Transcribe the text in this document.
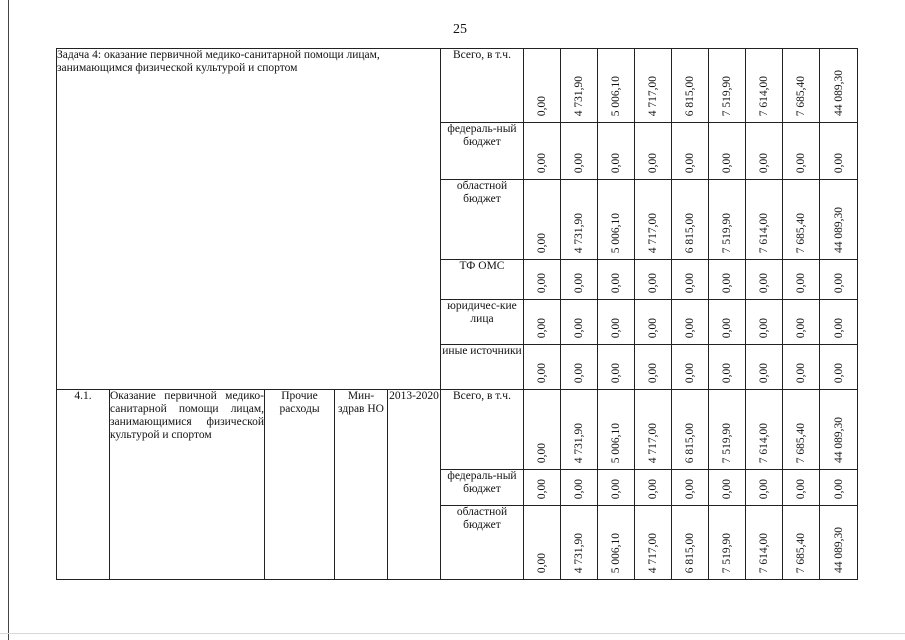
25
Задача 4: оказание первичной медико-санитарной помощи лицам, занимающимся физической культурой и спортом					Всего, в т.ч.	0,00	4 731,90	5 006,10	4 717,00	6 815,00	7 519,90	7 614,00	7 685,40	44 089,30

					федераль-ный бюджет	0,00	0,00	0,00	0,00	0,00	0,00	0,00	0,00	0,00

					областной бюджет	0,00	4 731,90	5 006,10	4 717,00	6 815,00	7 519,90	7 614,00	7 685,40	44 089,30

					ТФ ОМС	0,00	0,00	0,00	0,00	0,00	0,00	0,00	0,00	0,00

					юридичес-кие лица	0,00	0,00	0,00	0,00	0,00	0,00	0,00	0,00	0,00

					иные источники	0,00	0,00	0,00	0,00	0,00	0,00	0,00	0,00	0,00

4.1.	Оказание первичной медико-санитарной помощи лицам, занимающимися физической культурой и спортом	Прочие расходы	Мин-здрав НО	2013-2020	Всего, в т.ч.	0,00	4 731,90	5 006,10	4 717,00	6 815,00	7 519,90	7 614,00	7 685,40	44 089,30

					федераль-ный бюджет	0,00	0,00	0,00	0,00	0,00	0,00	0,00	0,00	0,00

					областной бюджет	0,00	4 731,90	5 006,10	4 717,00	6 815,00	7 519,90	7 614,00	7 685,40	44 089,30
